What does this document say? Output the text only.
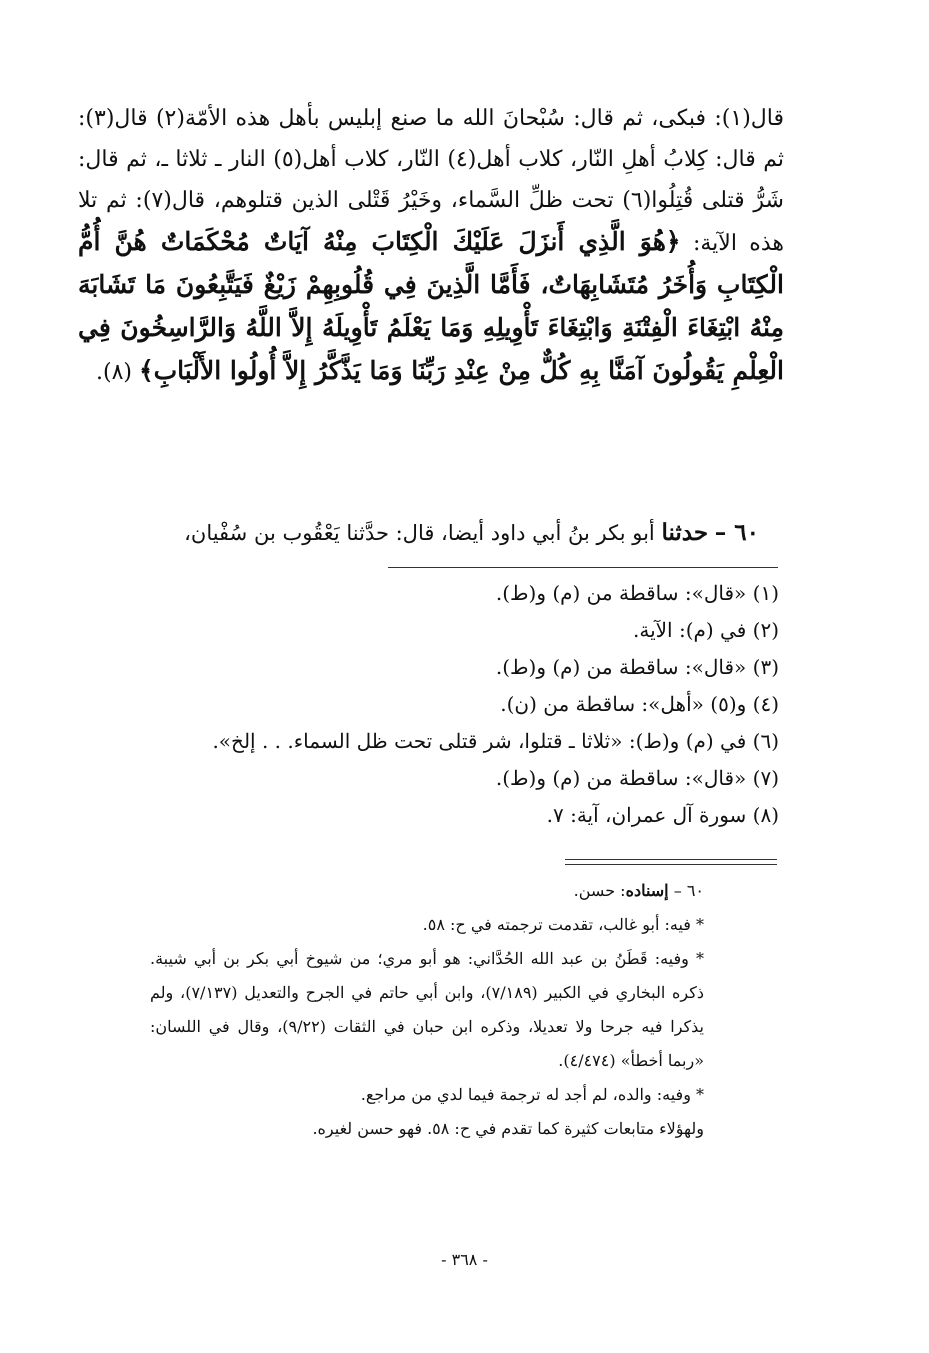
قال(١): فبكى، ثم قال: سُبْحانَ الله ما صنع إبليس بأهل هذه الأمّة(٢) قال(٣): ثم قال: كِلابُ أهلِ النّار، كلاب أهل(٤) النّار، كلاب أهل(٥) النار ـ ثلاثا ـ، ثم قال: شَرُّ قتلى قُتِلُوا(٦) تحت ظلِّ السَّماء، وخَيْرُ قَتْلى الذين قتلوهم، قال(٧): ثم تلا هذه الآية: ﴿هُوَ الَّذِي أَنزَلَ عَلَيْكَ الْكِتَابَ مِنْهُ آيَاتٌ مُحْكَمَاتٌ هُنَّ أُمُّ الْكِتَابِ وَأُخَرُ مُتَشَابِهَاتٌ، فَأَمَّا الَّذِينَ فِي قُلُوبِهِمْ زَيْغٌ فَيَتَّبِعُونَ مَا تَشَابَهَ مِنْهُ ابْتِغَاءَ الْفِتْنَةِ وَابْتِغَاءَ تَأْوِيلِهِ وَمَا يَعْلَمُ تَأْوِيلَهُ إِلاَّ اللَّهُ وَالرَّاسِخُونَ فِي الْعِلْمِ يَقُولُونَ آمَنَّا بِهِ كُلٌّ مِنْ عِنْدِ رَبِّنَا وَمَا يَذَّكَّرُ إِلاَّ أُولُوا الأَلْبَابِ﴾ (٨).
٦٠ – حدثنا أبو بكر بنُ أبي داود أيضا، قال: حدَّثنا يَعْقُوب بن سُفْيان،
(١) «قال»: ساقطة من (م) و(ط).
(٢) في (م): الآية.
(٣) «قال»: ساقطة من (م) و(ط).
(٤) و(٥) «أهل»: ساقطة من (ن).
(٦) في (م) و(ط): «ثلاثا ـ قتلوا، شر قتلى تحت ظل السماء. . . إلخ».
(٧) «قال»: ساقطة من (م) و(ط).
(٨) سورة آل عمران، آية: ٧.

٦٠ – إسناده: حسن.

* فيه: أبو غالب، تقدمت ترجمته في ح: ٥٨.

* وفيه: قَطَنُ بن عبد الله الحُدَّاني: هو أبو مري؛ من شيوخ أبي بكر بن أبي شيبة. ذكره البخاري في الكبير (٧/١٨٩)، وابن أبي حاتم في الجرح والتعديل (٧/١٣٧)، ولم يذكرا فيه جرحا ولا تعديلا، وذكره ابن حبان في الثقات (٩/٢٢)، وقال في اللسان: «ربما أخطأ» (٤/٤٧٤).

* وفيه: والده، لم أجد له ترجمة فيما لدي من مراجع.

ولهؤلاء متابعات كثيرة كما تقدم في ح: ٥٨. فهو حسن لغيره.

- ٣٦٨ -
